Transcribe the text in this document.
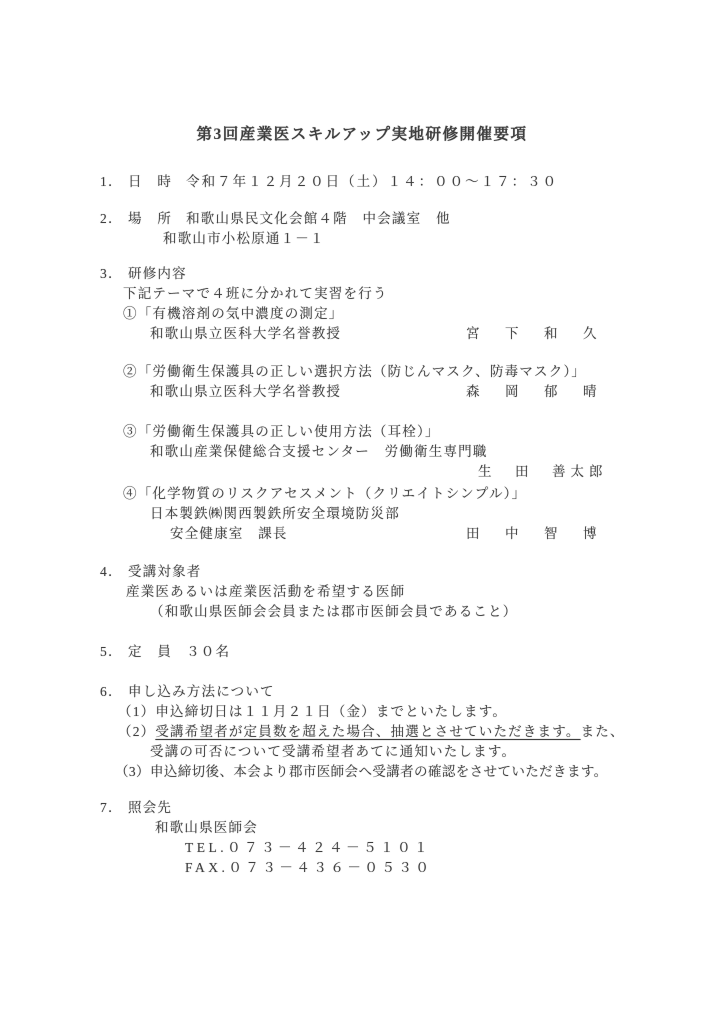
第3回産業医スキルアップ実地研修開催要項
1． 日　時 令和７年１２月２０日（土）１４：００～１７：３０
2． 場　所 和歌山県民文化会館４階　中会議室　他
和歌山市小松原通１－１
3． 研修内容
下記テーマで４班に分かれて実習を行う
①「有機溶剤の気中濃度の測定」
和歌山県立医科大学名誉教授	宮　下　和　久
②「労働衛生保護具の正しい選択方法（防じんマスク、防毒マスク）」
和歌山県立医科大学名誉教授	森　岡　郁　晴
③「労働衛生保護具の正しい使用方法（耳栓）」
和歌山産業保健総合支援センター　労働衛生専門職
生　田　善太郎
④「化学物質のリスクアセスメント（クリエイトシンプル）」
日本製鉄㈱関西製鉄所安全環境防災部
安全健康室　課長	田　中　智　博
4． 受講対象者
産業医あるいは産業医活動を希望する医師
（和歌山県医師会会員または郡市医師会員であること）
5． 定　員 ３０名
6． 申し込み方法について
（1）申込締切日は１１月２１日（金）までといたします。
（2）受講希望者が定員数を超えた場合、抽選とさせていただきます。また、
受講の可否について受講希望者あてに通知いたします。
（3）申込締切後、本会より郡市医師会へ受講者の確認をさせていただきます。
7． 照会先
和歌山県医師会
TEL.０７３－４２４－５１０１
FAX.０７３－４３６－０５３０
